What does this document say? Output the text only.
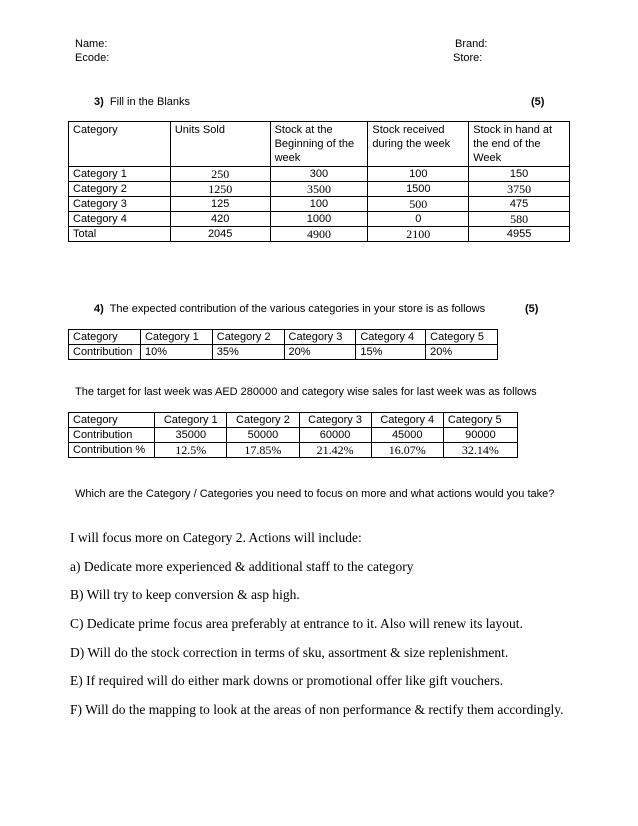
Name:
Ecode:
Brand:
Store:
3) Fill in the Blanks	(5)
Category	Units Sold	Stock at the Beginning of the week	Stock received during the week	Stock in hand at the end of the Week
Category 1	250	300	100	150
Category 2	1250	3500	1500	3750
Category 3	125	100	500	475
Category 4	420	1000	0	580
Total	2045	4900	2100	4955
4) The expected contribution of the various categories in your store is as follows	(5)
Category	Category 1	Category 2	Category 3	Category 4	Category 5
Contribution	10%	35%	20%	15%	20%
The target for last week was AED 280000 and category wise sales for last week was as follows
Category	Category 1	Category 2	Category 3	Category 4	Category 5
Contribution	35000	50000	60000	45000	90000
Contribution %	12.5%	17.85%	21.42%	16.07%	32.14%
Which are the Category / Categories you need to focus on more and what actions would you take?
I will focus more on Category 2. Actions will include:
a) Dedicate more experienced & additional staff to the category
B) Will try to keep conversion & asp high.
C) Dedicate prime focus area preferably at entrance to it. Also will renew its layout.
D) Will do the stock correction in terms of sku, assortment & size replenishment.
E) If required will do either mark downs or promotional offer like gift vouchers.
F) Will do the mapping to look at the areas of non performance & rectify them accordingly.
